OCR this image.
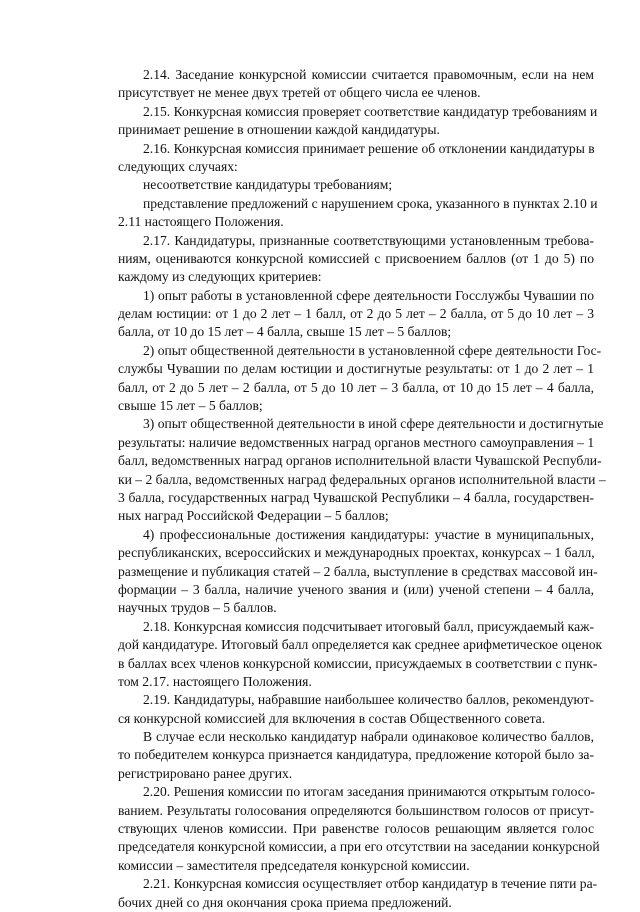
2.14. Заседание конкурсной комиссии считается правомочным, если на нем
присутствует не менее двух третей от общего числа ее членов.
2.15. Конкурсная комиссия проверяет соответствие кандидатур требованиям и
принимает решение в отношении каждой кандидатуры.
2.16. Конкурсная комиссия принимает решение об отклонении кандидатуры в
следующих случаях:
несоответствие кандидатуры требованиям;
представление предложений с нарушением срока, указанного в пунктах 2.10 и
2.11 настоящего Положения.
2.17. Кандидатуры, признанные соответствующими установленным требова-
ниям, оцениваются конкурсной комиссией с присвоением баллов (от 1 до 5) по
каждому из следующих критериев:
1) опыт работы в установленной сфере деятельности Госслужбы Чувашии по
делам юстиции: от 1 до 2 лет – 1 балл, от 2 до 5 лет – 2 балла, от 5 до 10 лет – 3
балла, от 10 до 15 лет – 4 балла, свыше 15 лет – 5 баллов;
2) опыт общественной деятельности в установленной сфере деятельности Гос-
службы Чувашии по делам юстиции и достигнутые результаты: от 1 до 2 лет – 1
балл, от 2 до 5 лет – 2 балла, от 5 до 10 лет – 3 балла, от 10 до 15 лет – 4 балла,
свыше 15 лет – 5 баллов;
3) опыт общественной деятельности в иной сфере деятельности и достигнутые
результаты: наличие ведомственных наград органов местного самоуправления – 1
балл, ведомственных наград органов исполнительной власти Чувашской Республи-
ки – 2 балла, ведомственных наград федеральных органов исполнительной власти –
3 балла, государственных наград Чувашской Республики – 4 балла, государствен-
ных наград Российской Федерации – 5 баллов;
4) профессиональные достижения кандидатуры: участие в муниципальных,
республиканских, всероссийских и международных проектах, конкурсах – 1 балл,
размещение и публикация статей – 2 балла, выступление в средствах массовой ин-
формации – 3 балла, наличие ученого звания и (или) ученой степени – 4 балла,
научных трудов – 5 баллов.
2.18. Конкурсная комиссия подсчитывает итоговый балл, присуждаемый каж-
дой кандидатуре. Итоговый балл определяется как среднее арифметическое оценок
в баллах всех членов конкурсной комиссии, присуждаемых в соответствии с пунк-
том 2.17. настоящего Положения.
2.19. Кандидатуры, набравшие наибольшее количество баллов, рекомендуют-
ся конкурсной комиссией для включения в состав Общественного совета.
В случае если несколько кандидатур набрали одинаковое количество баллов,
то победителем конкурса признается кандидатура, предложение которой было за-
регистрировано ранее других.
2.20. Решения комиссии по итогам заседания принимаются открытым голосо-
ванием. Результаты голосования определяются большинством голосов от присут-
ствующих членов комиссии. При равенстве голосов решающим является голос
председателя конкурсной комиссии, а при его отсутствии на заседании конкурсной
комиссии – заместителя председателя конкурсной комиссии.
2.21. Конкурсная комиссия осуществляет отбор кандидатур в течение пяти ра-
бочих дней со дня окончания срока приема предложений.
